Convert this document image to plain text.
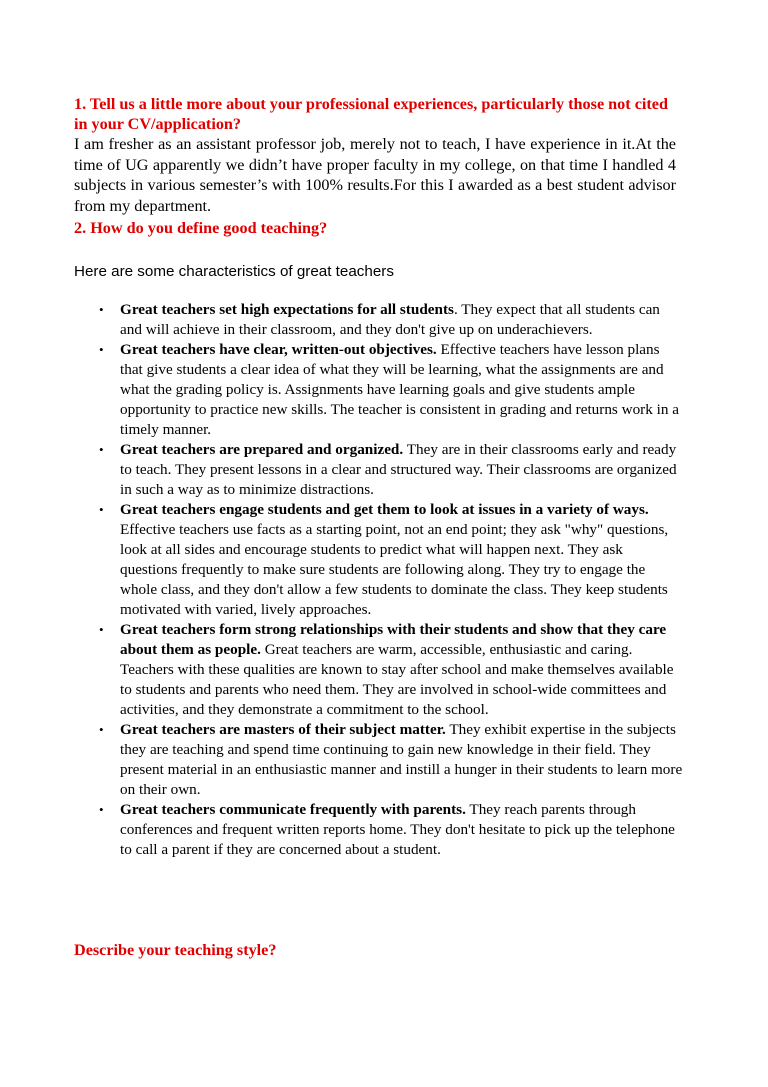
1. Tell us a little more about your professional experiences, particularly those not cited in your CV/application?

I am fresher as an assistant professor job, merely not to teach, I have experience in it.At the time of UG apparently we didn’t have proper faculty in my college, on that time I handled 4 subjects in various semester’s with 100% results.For this I awarded as a best student advisor from my department.

2. How do you define good teaching?

Here are some characteristics of great teachers

• Great teachers set high expectations for all students. They expect that all students can and will achieve in their classroom, and they don't give up on underachievers.
• Great teachers have clear, written-out objectives. Effective teachers have lesson plans that give students a clear idea of what they will be learning, what the assignments are and what the grading policy is. Assignments have learning goals and give students ample opportunity to practice new skills. The teacher is consistent in grading and returns work in a timely manner.
• Great teachers are prepared and organized. They are in their classrooms early and ready to teach. They present lessons in a clear and structured way. Their classrooms are organized in such a way as to minimize distractions.
• Great teachers engage students and get them to look at issues in a variety of ways. Effective teachers use facts as a starting point, not an end point; they ask "why" questions, look at all sides and encourage students to predict what will happen next. They ask questions frequently to make sure students are following along. They try to engage the whole class, and they don't allow a few students to dominate the class. They keep students motivated with varied, lively approaches.
• Great teachers form strong relationships with their students and show that they care about them as people. Great teachers are warm, accessible, enthusiastic and caring. Teachers with these qualities are known to stay after school and make themselves available to students and parents who need them. They are involved in school-wide committees and activities, and they demonstrate a commitment to the school.
• Great teachers are masters of their subject matter. They exhibit expertise in the subjects they are teaching and spend time continuing to gain new knowledge in their field. They present material in an enthusiastic manner and instill a hunger in their students to learn more on their own.
• Great teachers communicate frequently with parents. They reach parents through conferences and frequent written reports home. They don't hesitate to pick up the telephone to call a parent if they are concerned about a student.

Describe your teaching style?
